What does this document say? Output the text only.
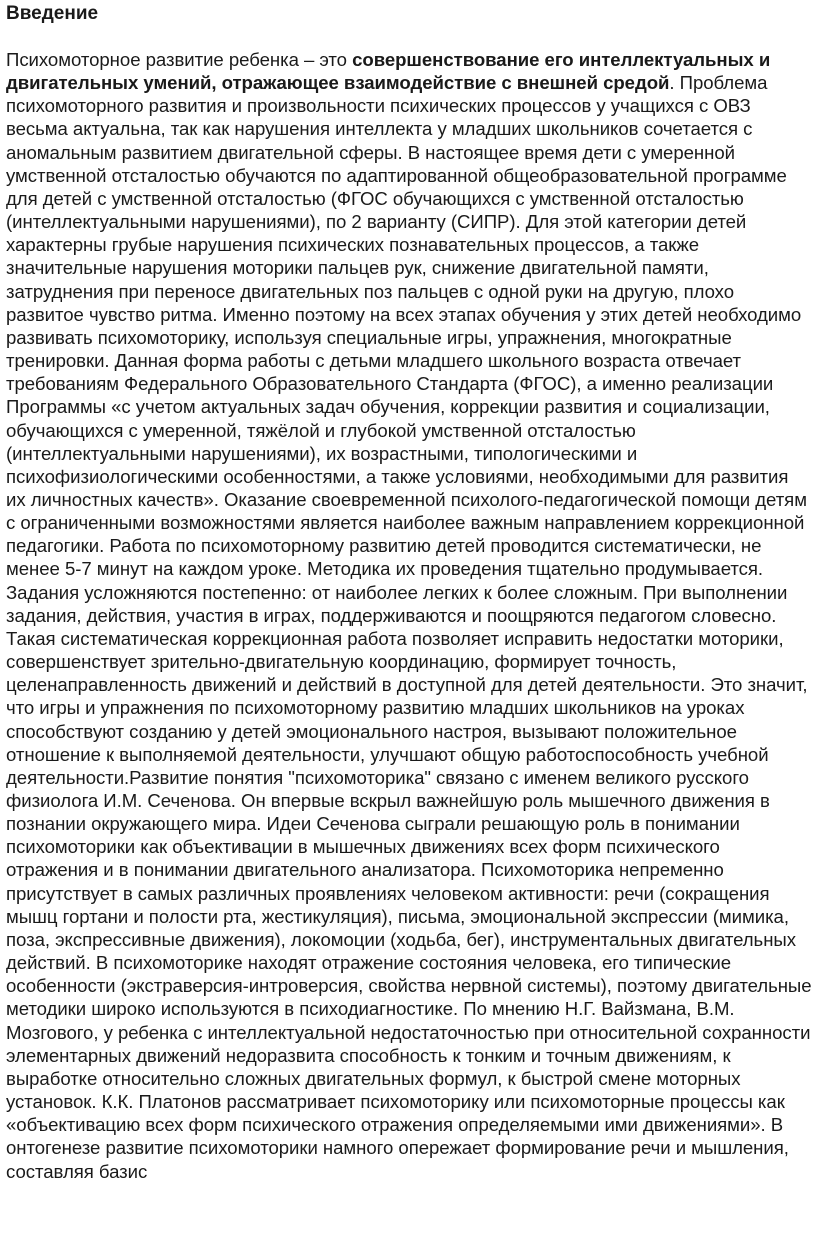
Введение

Психомоторное развитие ребенка – это совершенствование его интеллектуальных и двигательных умений, отражающее взаимодействие с внешней средой. Проблема психомоторного развития и произвольности психических процессов у учащихся с ОВЗ весьма актуальна, так как нарушения интеллекта у младших школьников сочетается с аномальным развитием двигательной сферы. В настоящее время дети с умеренной умственной отсталостью обучаются по адаптированной общеобразовательной программе для детей с умственной отсталостью (ФГОС обучающихся с умственной отсталостью (интеллектуальными нарушениями), по 2 варианту (СИПР). Для этой категории детей характерны грубые нарушения психических познавательных процессов, а также значительные нарушения моторики пальцев рук, снижение двигательной памяти, затруднения при переносе двигательных поз пальцев с одной руки на другую, плохо развитое чувство ритма. Именно поэтому на всех этапах обучения у этих детей необходимо развивать психомоторику, используя специальные игры, упражнения, многократные тренировки. Данная форма работы с детьми младшего школьного возраста отвечает требованиям Федерального Образовательного Стандарта (ФГОС), а именно реализации Программы «с учетом актуальных задач обучения, коррекции развития и социализации, обучающихся с умеренной, тяжёлой и глубокой умственной отсталостью (интеллектуальными нарушениями), их возрастными, типологическими и психофизиологическими особенностями, а также условиями, необходимыми для развития их личностных качеств». Оказание своевременной психолого-педагогической помощи детям с ограниченными возможностями является наиболее важным направлением коррекционной педагогики. Работа по психомоторному развитию детей проводится систематически, не менее 5-7 минут на каждом уроке. Методика их проведения тщательно продумывается. Задания усложняются постепенно: от наиболее легких к более сложным. При выполнении задания, действия, участия в играх, поддерживаются и поощряются педагогом словесно. Такая систематическая коррекционная работа позволяет исправить недостатки моторики, совершенствует зрительно-двигательную координацию, формирует точность, целенаправленность движений и действий в доступной для детей деятельности. Это значит, что игры и упражнения по психомоторному развитию младших школьников на уроках способствуют созданию у детей эмоционального настроя, вызывают положительное отношение к выполняемой деятельности, улучшают общую работоспособность учебной деятельности.Развитие понятия "психомоторика" связано с именем великого русского физиолога И.М. Сеченова. Он впервые вскрыл важнейшую роль мышечного движения в познании окружающего мира. Идеи Сеченова сыграли решающую роль в понимании психомоторики как объективации в мышечных движениях всех форм психического отражения и в понимании двигательного анализатора. Психомоторика непременно присутствует в самых различных проявлениях человеком активности: речи (сокращения мышц гортани и полости рта, жестикуляция), письма, эмоциональной экспрессии (мимика, поза, экспрессивные движения), локомоции (ходьба, бег), инструментальных двигательных действий. В психомоторике находят отражение состояния человека, его типические особенности (экстраверсия-интроверсия, свойства нервной системы), поэтому двигательные методики широко используются в психодиагностике. По мнению Н.Г. Вайзмана, В.М. Мозгового, у ребенка с интеллектуальной недостаточностью при относительной сохранности элементарных движений недоразвита способность к тонким и точным движениям, к выработке относительно сложных двигательных формул, к быстрой смене моторных установок. К.К. Платонов рассматривает психомоторику или психомоторные процессы как «объективацию всех форм психического отражения определяемыми ими движениями». В онтогенезе развитие психомоторики намного опережает формирование речи и мышления, составляя базис
